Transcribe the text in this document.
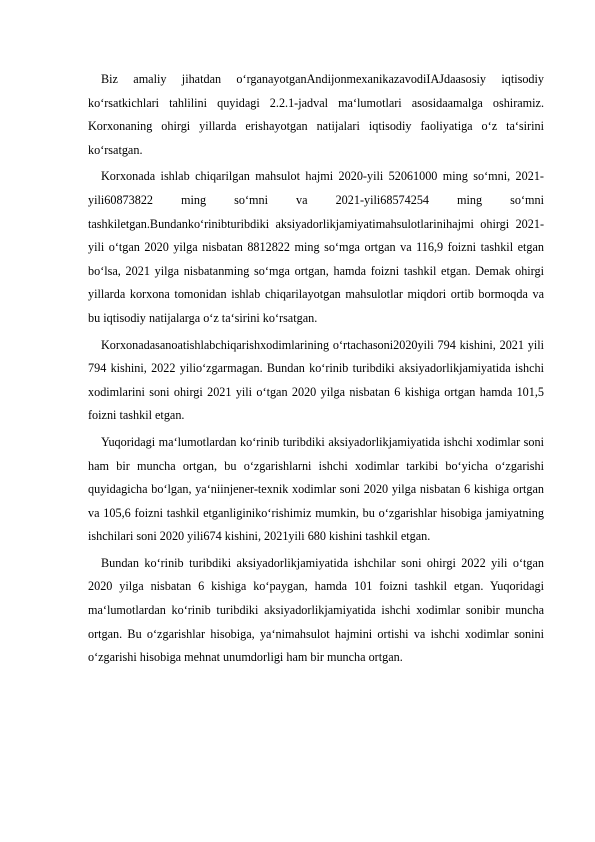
Biz amaliy jihatdan o‘rganayotganAndijonmexanikazavodiIAJdaasosiy iqtisodiy ko‘rsatkichlari tahlilini quyidagi 2.2.1-jadval ma‘lumotlari asosidaamalga oshiramiz. Korxonaning ohirgi yillarda erishayotgan natijalari iqtisodiy faoliyatiga o‘z ta‘sirini ko‘rsatgan.

Korxonada ishlab chiqarilgan mahsulot hajmi 2020-yili 52061000 ming so‘mni, 2021-yili60873822 ming so‘mni va 2021-yili68574254 ming so‘mni tashkiletgan.Bundanko‘rinibturibdiki aksiyadorlikjamiyatimahsulotlarinihajmi ohirgi 2021-yili o‘tgan 2020 yilga nisbatan 8812822 ming so‘mga ortgan va 116,9 foizni tashkil etgan bo‘lsa, 2021 yilga nisbatanming so‘mga ortgan, hamda foizni tashkil etgan. Demak ohirgi yillarda korxona tomonidan ishlab chiqarilayotgan mahsulotlar miqdori ortib bormoqda va bu iqtisodiy natijalarga o‘z ta‘sirini ko‘rsatgan.

Korxonadasanoatishlabchiqarishxodimlarining o‘rtachasoni2020yili 794 kishini, 2021 yili 794 kishini, 2022 yilio‘zgarmagan. Bundan ko‘rinib turibdiki aksiyadorlikjamiyatida ishchi xodimlarini soni ohirgi 2021 yili o‘tgan 2020 yilga nisbatan 6 kishiga ortgan hamda 101,5 foizni tashkil etgan.

Yuqoridagi ma‘lumotlardan ko‘rinib turibdiki aksiyadorlikjamiyatida ishchi xodimlar soni ham bir muncha ortgan, bu o‘zgarishlarni ishchi xodimlar tarkibi bo‘yicha o‘zgarishi quyidagicha bo‘lgan, ya‘niinjener-texnik xodimlar soni 2020 yilga nisbatan 6 kishiga ortgan va 105,6 foizni tashkil etganliginiko‘rishimiz mumkin, bu o‘zgarishlar hisobiga jamiyatning ishchilari soni 2020 yili674 kishini, 2021yili 680 kishini tashkil etgan.

Bundan ko‘rinib turibdiki aksiyadorlikjamiyatida ishchilar soni ohirgi 2022 yili o‘tgan 2020 yilga nisbatan 6 kishiga ko‘paygan, hamda 101 foizni tashkil etgan. Yuqoridagi ma‘lumotlardan ko‘rinib turibdiki aksiyadorlikjamiyatida ishchi xodimlar sonibir muncha ortgan. Bu o‘zgarishlar hisobiga, ya‘nimahsulot hajmini ortishi va ishchi xodimlar sonini o‘zgarishi hisobiga mehnat unumdorligi ham bir muncha ortgan.
